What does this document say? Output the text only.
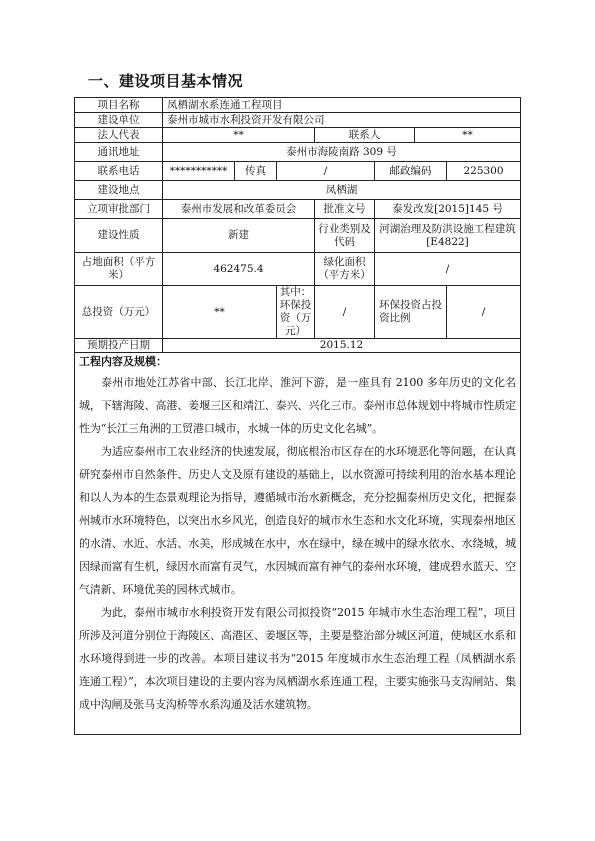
一、建设项目基本情况
项目名称	凤栖湖水系连通工程项目						
建设单位	泰州市城市水利投资开发有限公司						
法人代表	**			联系人		**	
通讯地址	泰州市海陵南路 309 号						
联系电话	***********	传真	/		邮政编码		225300
建设地点	凤栖湖						
立项审批部门	泰州市发展和改革委员会			批准文号	泰发改发[2015]145 号		
建设性质	新建			行业类别及代码	河湖治理及防洪设施工程建筑[E4822]		
占地面积（平方米）	462475.4			绿化面积（平方米）	/		
总投资（万元）	**		其中：环保投资（万元）	/	环保投资占投资比例		/
预期投产日期	2015.12						

工程内容及规模：

泰州市地处江苏省中部、长江北岸、淮河下游，是一座具有 2100 多年历史的文化名城，下辖海陵、高港、姜堰三区和靖江、泰兴、兴化三市。泰州市总体规划中将城市性质定性为“长江三角洲的工贸港口城市，水城一体的历史文化名城”。

为适应泰州市工农业经济的快速发展，彻底根治市区存在的水环境恶化等问题，在认真研究泰州市自然条件、历史人文及原有建设的基础上，以水资源可持续利用的治水基本理论和以人为本的生态景观理论为指导，遵循城市治水新概念，充分挖掘泰州历史文化，把握泰州城市水环境特色，以突出水乡风光，创造良好的城市水生态和水文化环境，实现泰州地区的水清、水近、水活、水美，形成城在水中，水在绿中，绿在城中的绿水依水、水绕城，城因绿而富有生机，绿因水而富有灵气，水因城而富有神气的泰州水环境，建成碧水蓝天、空气清新、环境优美的园林式城市。

为此，泰州市城市水利投资开发有限公司拟投资“2015 年城市水生态治理工程”，项目所涉及河道分别位于海陵区、高港区、姜堰区等，主要是整治部分城区河道，使城区水系和水环境得到进一步的改善。本项目建议书为“2015 年度城市水生态治理工程（凤栖湖水系连通工程）”，本次项目建设的主要内容为凤栖湖水系连通工程，主要实施张马支沟闸站、集成中沟闸及张马支沟桥等水系沟通及活水建筑物。							
